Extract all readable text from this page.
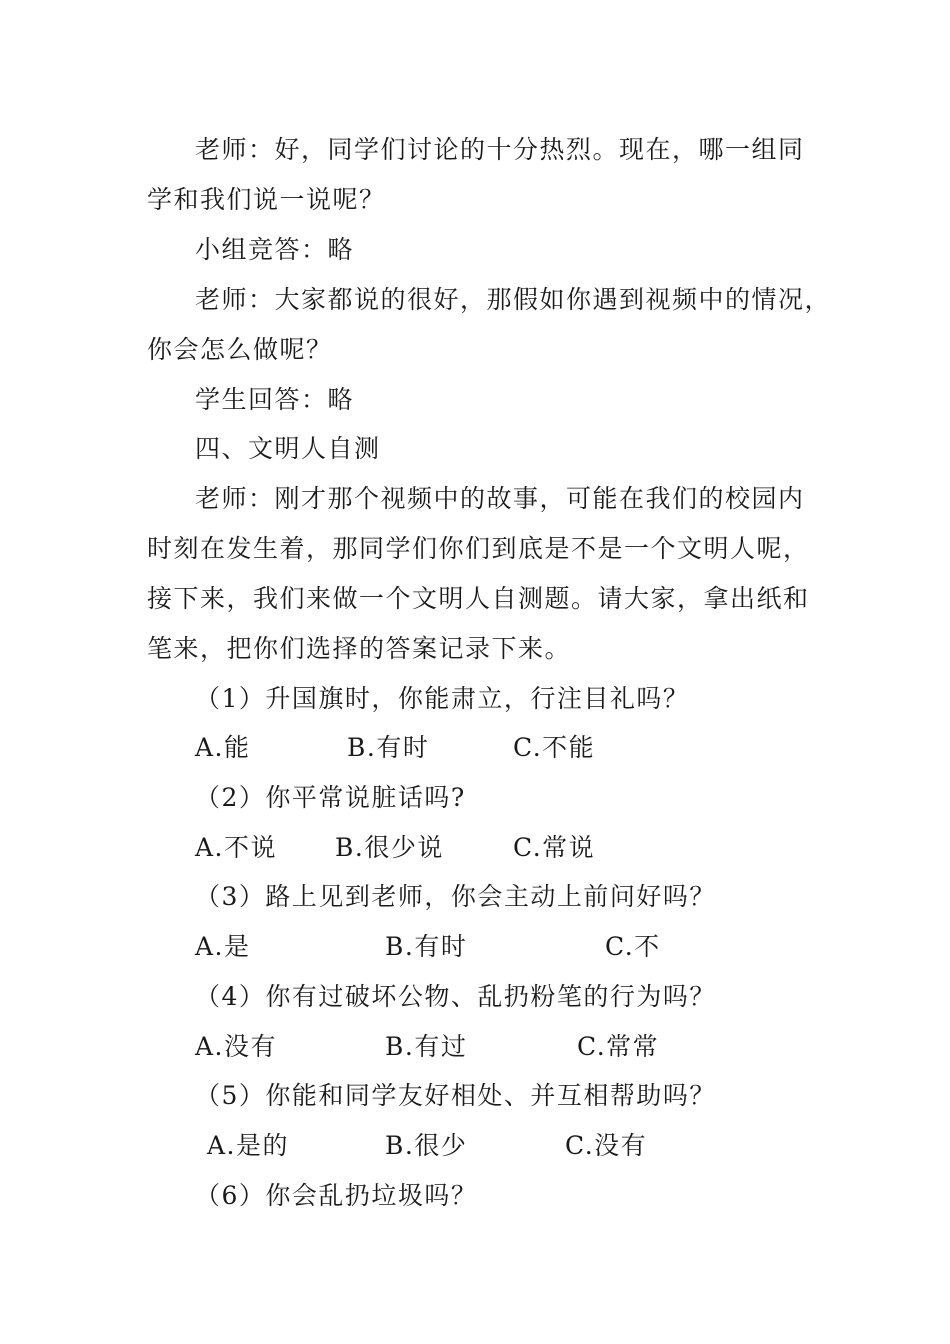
老师：好，同学们讨论的十分热烈。现在，哪一组同
学和我们说一说呢？
小组竞答：略
老师：大家都说的很好，那假如你遇到视频中的情况，
你会怎么做呢？
学生回答：略
四、文明人自测
老师：刚才那个视频中的故事，可能在我们的校园内
时刻在发生着，那同学们你们到底是不是一个文明人呢，
接下来，我们来做一个文明人自测题。请大家，拿出纸和
笔来，把你们选择的答案记录下来。
（1）升国旗时，你能肃立，行注目礼吗？
A.能	B.有时	C.不能
（2）你平常说脏话吗?
A.不说 B.很少说	C.常说
（3）路上见到老师，你会主动上前问好吗？
A.是	B.有时	C.不
（4）你有过破坏公物、乱扔粉笔的行为吗？
A.没有	B.有过	C.常常
（5）你能和同学友好相处、并互相帮助吗？
A.是的	B.很少	C.没有
（6）你会乱扔垃圾吗？
